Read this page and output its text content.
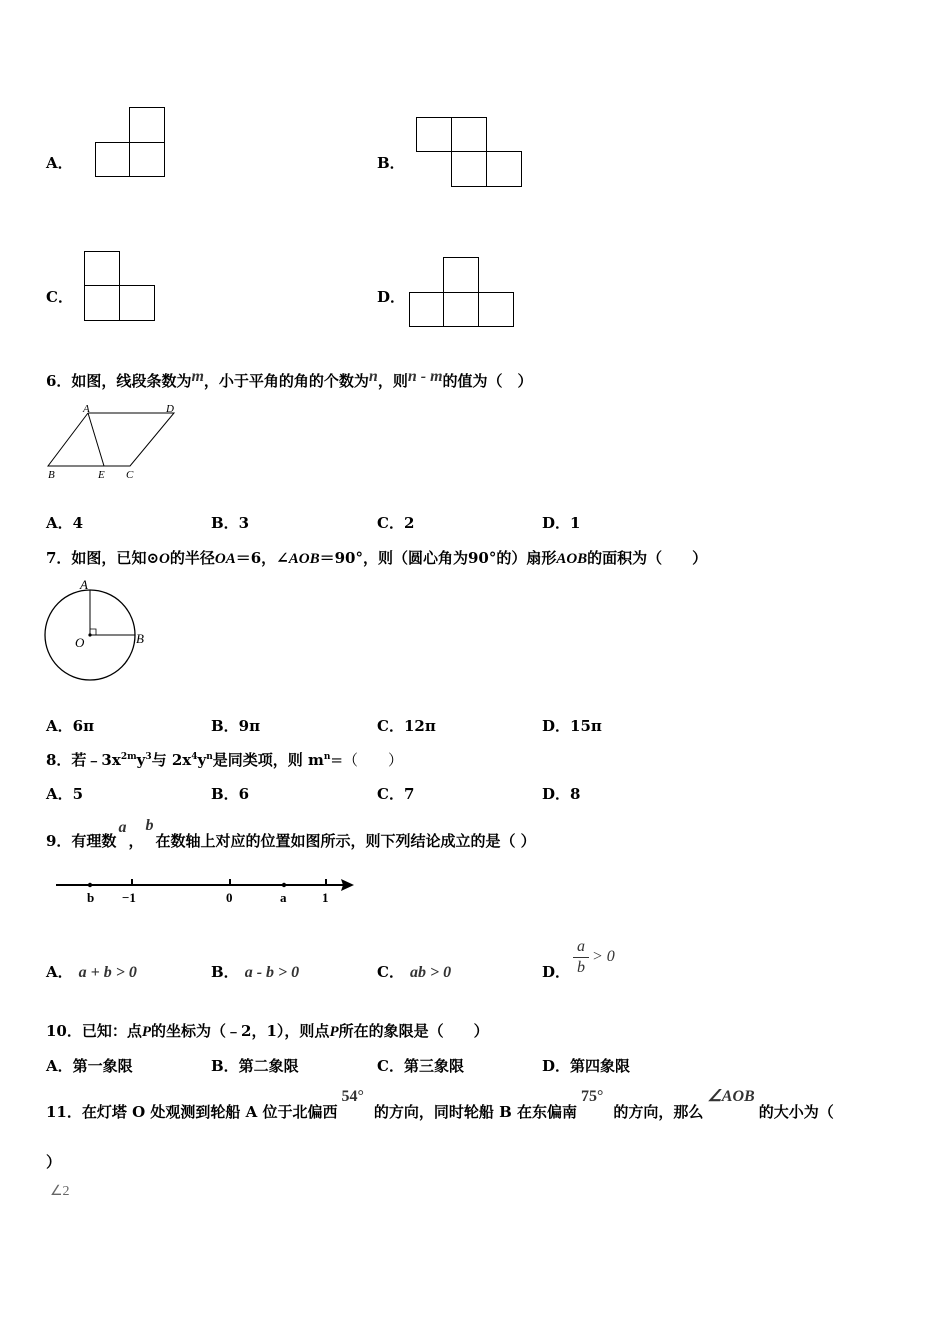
A．	B．
C．	D．
6．如图，线段条数为m，小于平角的角的个数为n，则n - m的值为（　）
A	D
B	E C
A．4	B．3	C．2	D．1
7．如图，已知⊙O的半径OA＝6，∠AOB＝90°，则（圆心角为90°的）扇形AOB的面积为（　　）
A
O	B
A．6π	B．9π	C．12π	D．15π
8．若$﹣3x^{2m}y^3$与 $2x^4y^n$是同类项，则 $m^n=$（　　）
A．5	B．6	C．7	D．8
9．有理数a，b在数轴上对应的位置如图所示，则下列结论成立的是（ ）
b −1	0	a	1
A． a + b > 0	B． a - b > 0	C． ab > 0	D．
a
b
> 0
10．已知：点P的坐标为（﹣2，1），则点P所在的象限是（　　）
A．第一象限	B．第二象限	C．第三象限	D．第四象限
11．在灯塔 O 处观测到轮船 A 位于北偏西54°的方向，同时轮船 B 在东偏南75°的方向，那么∠AOB的大小为（
）
∠2
